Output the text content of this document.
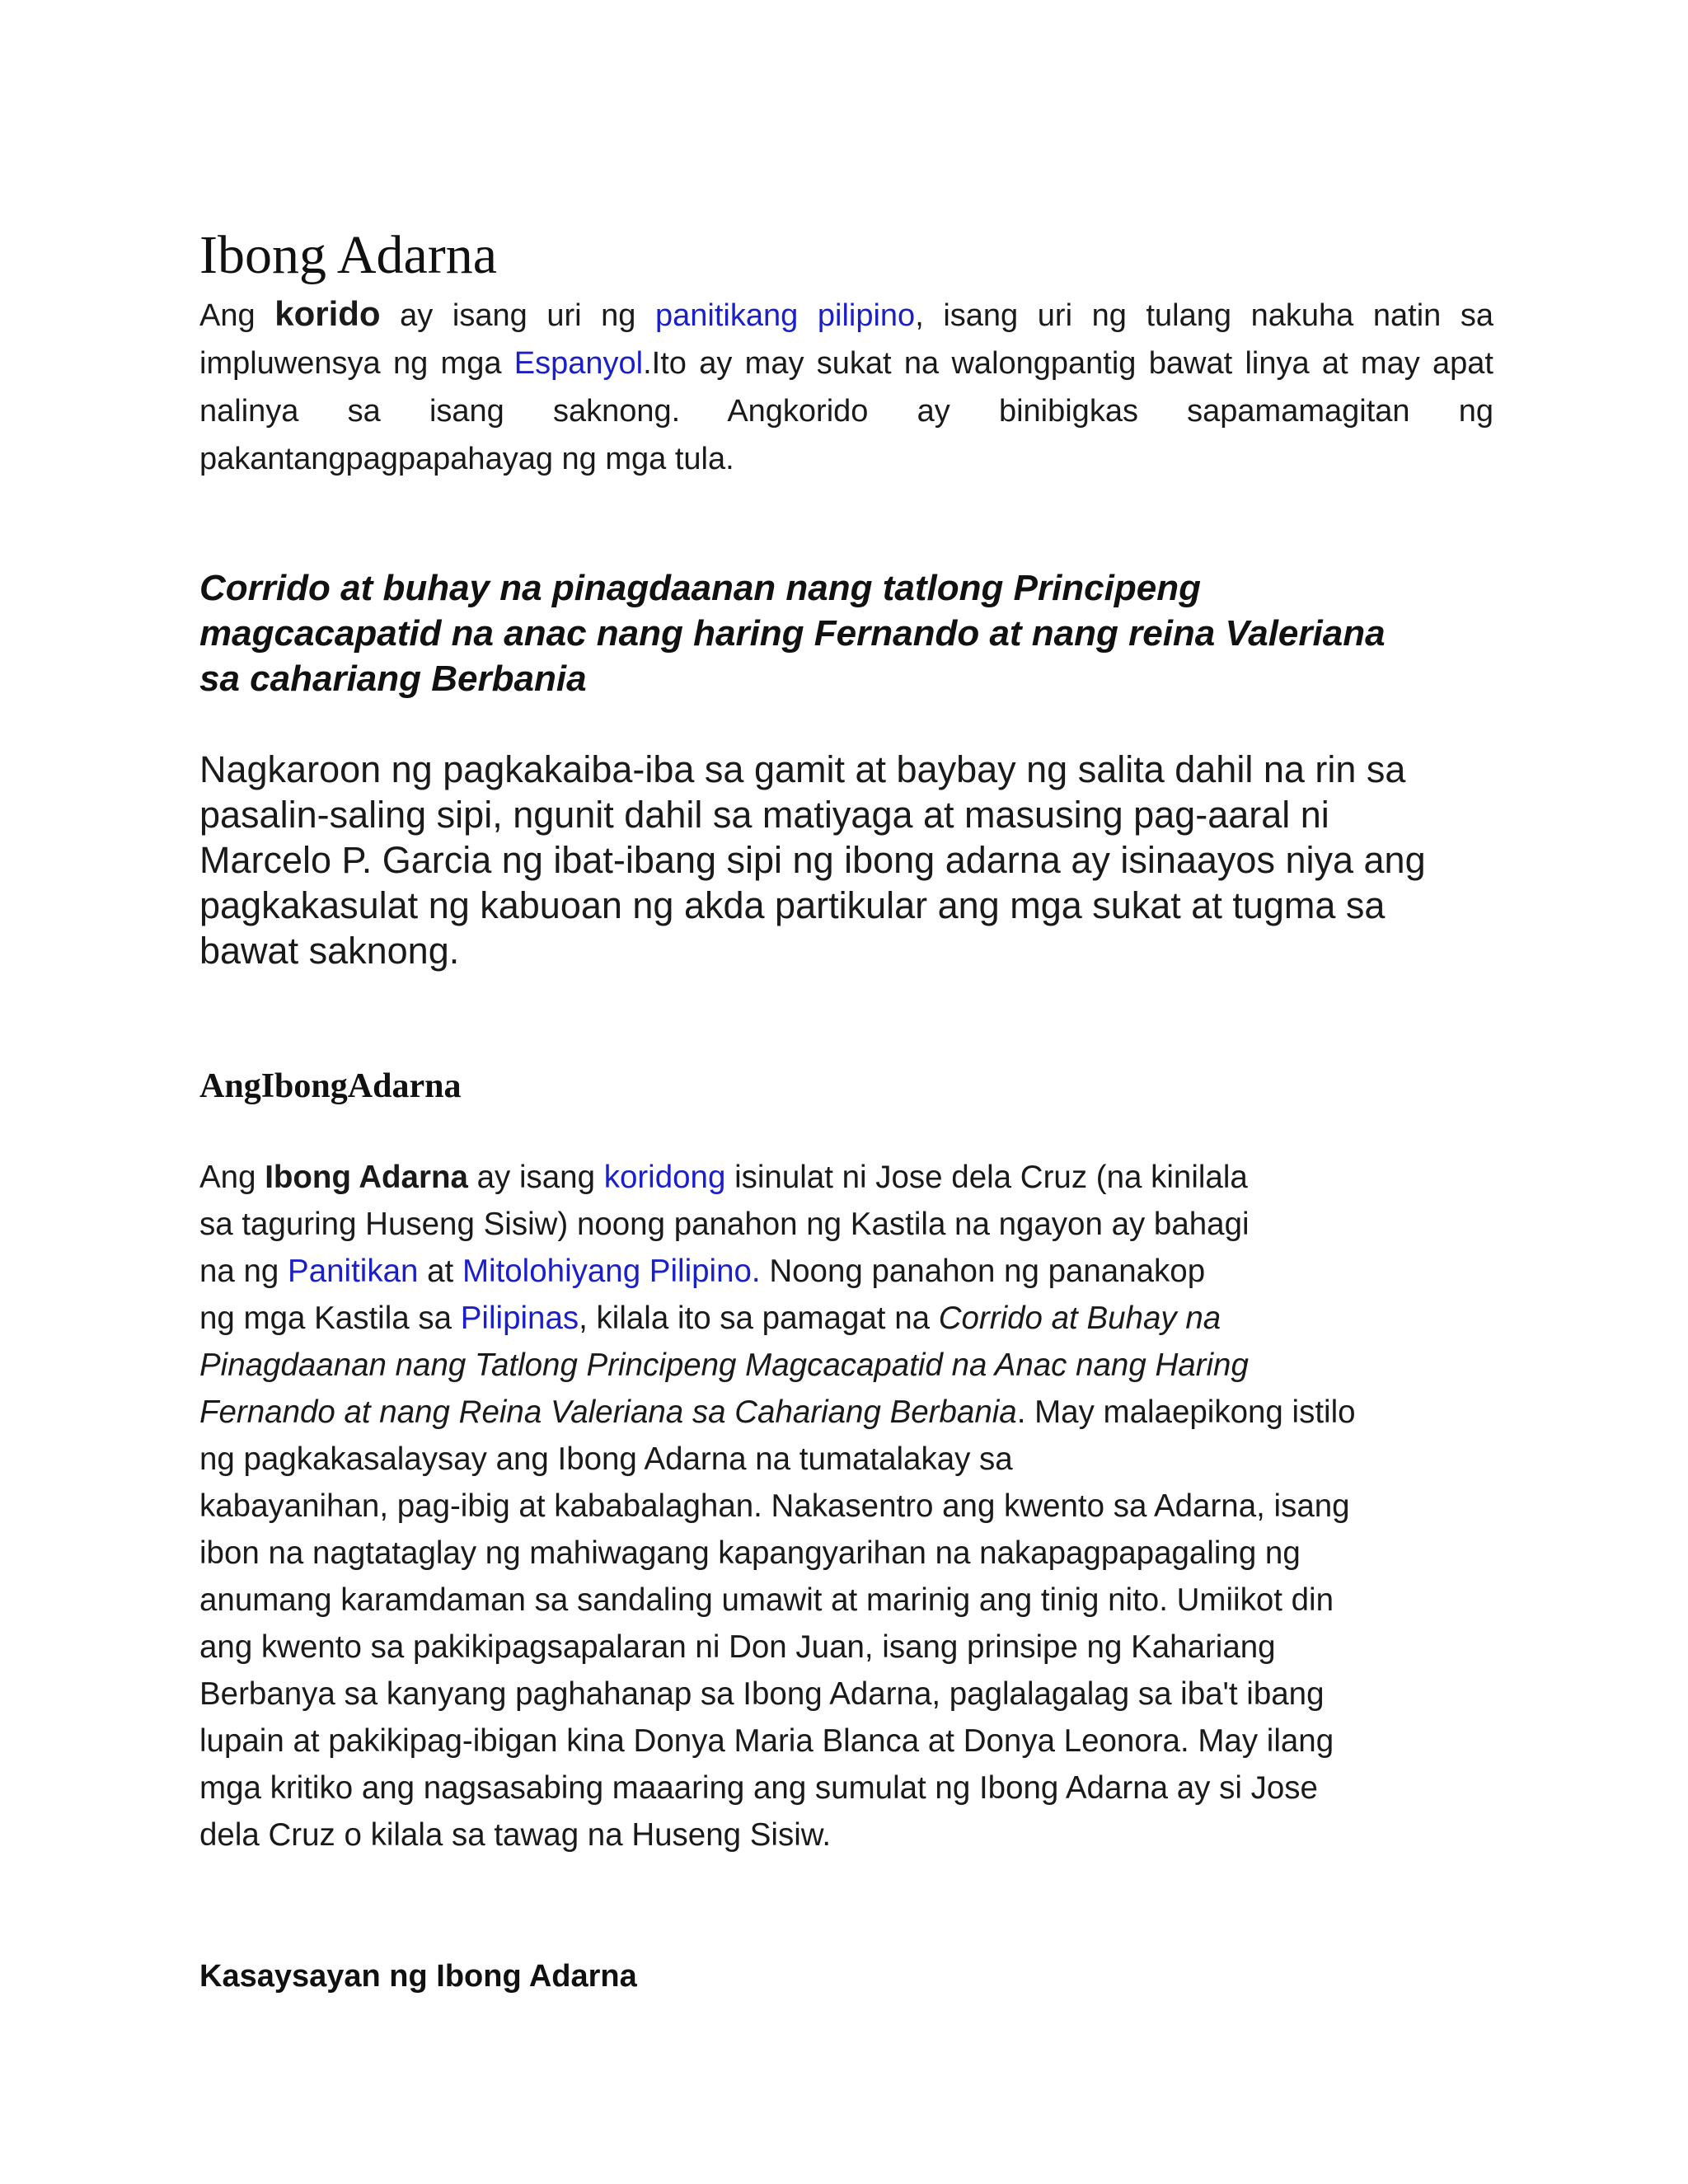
Ibong Adarna

Ang korido ay isang uri ng panitikang pilipino, isang uri ng tulang nakuha natin sa impluwensya ng mga Espanyol.Ito ay may sukat na walongpantig bawat linya at may apat nalinya sa isang saknong. Angkorido ay binibigkas sapamamagitan ng pakantangpagpapahayag ng mga tula.

Corrido at buhay na pinagdaanan nang tatlong Principeng
magcacapatid na anac nang haring Fernando at nang reina Valeriana
sa cahariang Berbania

Nagkaroon ng pagkakaiba-iba sa gamit at baybay ng salita dahil na rin sa
pasalin-saling sipi, ngunit dahil sa matiyaga at masusing pag-aaral ni
Marcelo P. Garcia ng ibat-ibang sipi ng ibong adarna ay isinaayos niya ang
pagkakasulat ng kabuoan ng akda partikular ang mga sukat at tugma sa
bawat saknong.

AngIbongAdarna

Ang Ibong Adarna ay isang koridong isinulat ni Jose dela Cruz (na kinilala
sa taguring Huseng Sisiw) noong panahon ng Kastila na ngayon ay bahagi
na ng Panitikan at Mitolohiyang Pilipino. Noong panahon ng pananakop
ng mga Kastila sa Pilipinas, kilala ito sa pamagat na Corrido at Buhay na
Pinagdaanan nang Tatlong Principeng Magcacapatid na Anac nang Haring
Fernando at nang Reina Valeriana sa Cahariang Berbania. May malaepikong istilo
ng pagkakasalaysay ang Ibong Adarna na tumatalakay sa
kabayanihan, pag-ibig at kababalaghan. Nakasentro ang kwento sa Adarna, isang
ibon na nagtataglay ng mahiwagang kapangyarihan na nakapagpapagaling ng
anumang karamdaman sa sandaling umawit at marinig ang tinig nito. Umiikot din
ang kwento sa pakikipagsapalaran ni Don Juan, isang prinsipe ng Kahariang
Berbanya sa kanyang paghahanap sa Ibong Adarna, paglalagalag sa iba't ibang
lupain at pakikipag-ibigan kina Donya Maria Blanca at Donya Leonora. May ilang
mga kritiko ang nagsasabing maaaring ang sumulat ng Ibong Adarna ay si Jose
dela Cruz o kilala sa tawag na Huseng Sisiw.

Kasaysayan ng Ibong Adarna
